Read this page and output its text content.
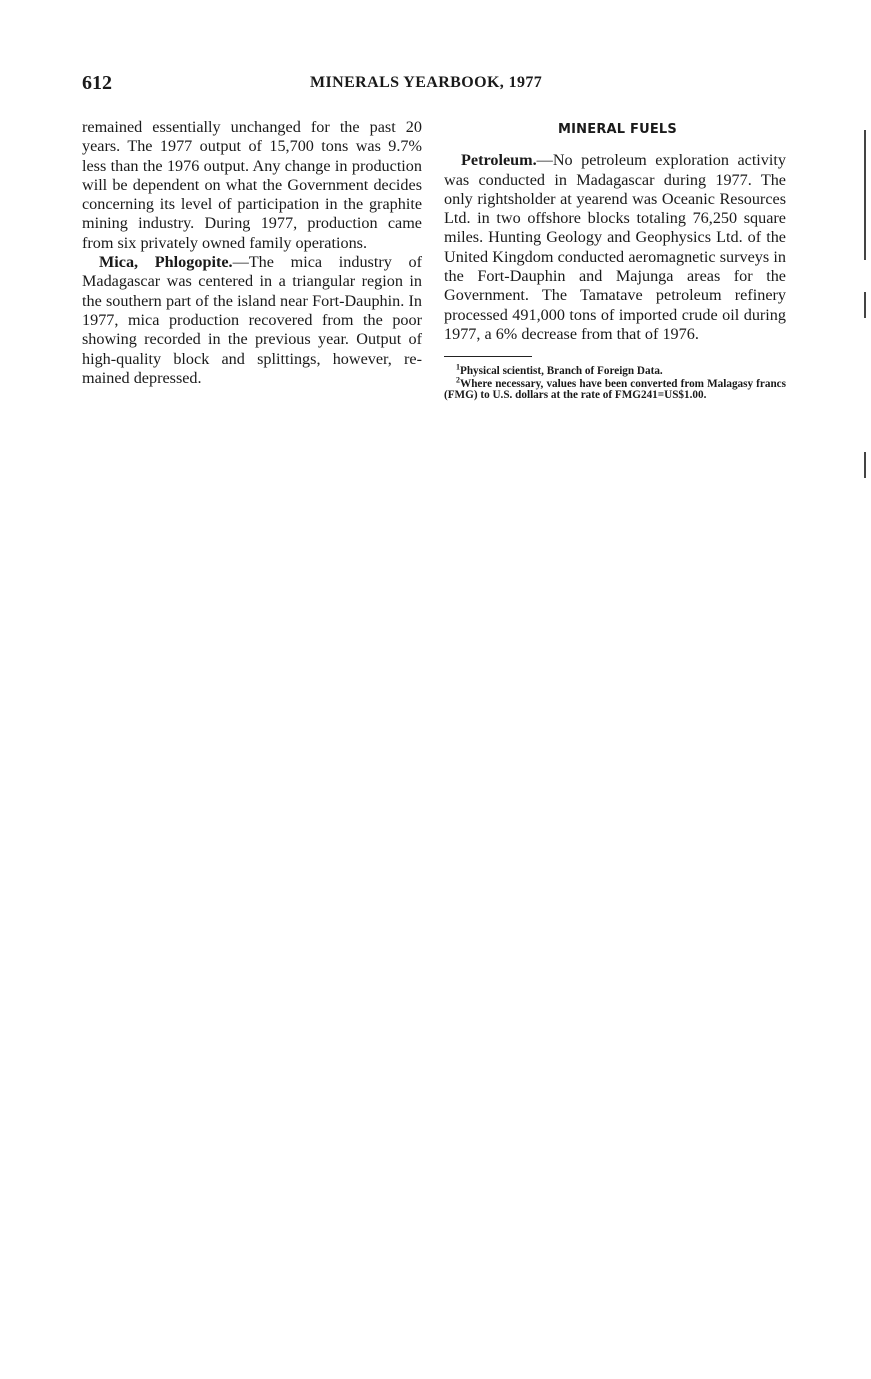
612	MINERALS YEARBOOK, 1977

remained essentially unchanged for the past 20 years. The 1977 output of 15,700 tons was 9.7% less than the 1976 output. Any change in production will be dependent on what the Government decides concerning its level of participation in the graphite mining industry. During 1977, production came from six privately owned family operations.

Mica, Phlogopite.—The mica industry of Madagascar was centered in a triangular region in the southern part of the island near Fort-Dauphin. In 1977, mica production recovered from the poor showing recorded in the previous year. Output of high-quality block and splittings, however, remained depressed.

MINERAL FUELS

Petroleum.—No petroleum exploration activity was conducted in Madagascar during 1977. The only rightsholder at yearend was Oceanic Resources Ltd. in two offshore blocks totaling 76,250 square miles. Hunting Geology and Geophysics Ltd. of the United Kingdom conducted aeromagnetic surveys in the Fort-Dauphin and Majunga areas for the Government. The Tamatave petroleum refinery processed 491,000 tons of imported crude oil during 1977, a 6% decrease from that of 1976.

$^1$Physical scientist, Branch of Foreign Data.

$^2$Where necessary, values have been converted from Malagasy francs (FMG) to U.S. dollars at the rate of FMG241=US$1.00.
